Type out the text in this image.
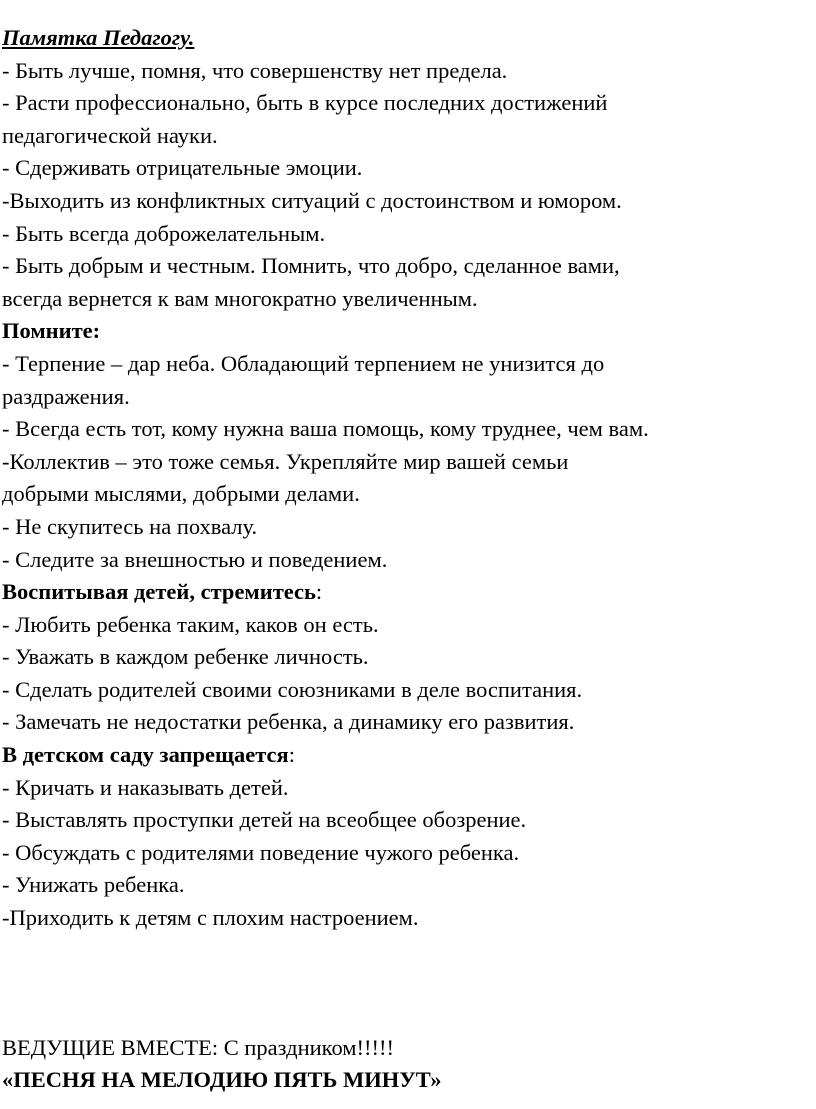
Памятка Педагогу.
- Быть лучше, помня, что совершенству нет предела.
- Расти профессионально, быть в курсе последних достижений
педагогической науки.
- Сдерживать отрицательные эмоции.
-Выходить из конфликтных ситуаций с достоинством и юмором.
- Быть всегда доброжелательным.
- Быть добрым и честным. Помнить, что добро, сделанное вами,
всегда вернется к вам многократно увеличенным.
Помните:
- Терпение – дар неба. Обладающий терпением не унизится до
раздражения.
- Всегда есть тот, кому нужна ваша помощь, кому труднее, чем вам.
-Коллектив – это тоже семья. Укрепляйте мир вашей семьи
добрыми мыслями, добрыми делами.
- Не скупитесь на похвалу.
- Следите за внешностью и поведением.
Воспитывая детей, стремитесь:
- Любить ребенка таким, каков он есть.
- Уважать в каждом ребенке личность.
- Сделать родителей своими союзниками в деле воспитания.
- Замечать не недостатки ребенка, а динамику его развития.
В детском саду запрещается:
- Кричать и наказывать детей.
- Выставлять проступки детей на всеобщее обозрение.
- Обсуждать с родителями поведение чужого ребенка.
- Унижать ребенка.
-Приходить к детям с плохим настроением.
ВЕДУЩИЕ ВМЕСТЕ: С праздником!!!!!
«ПЕСНЯ НА МЕЛОДИЮ ПЯТЬ МИНУТ»
